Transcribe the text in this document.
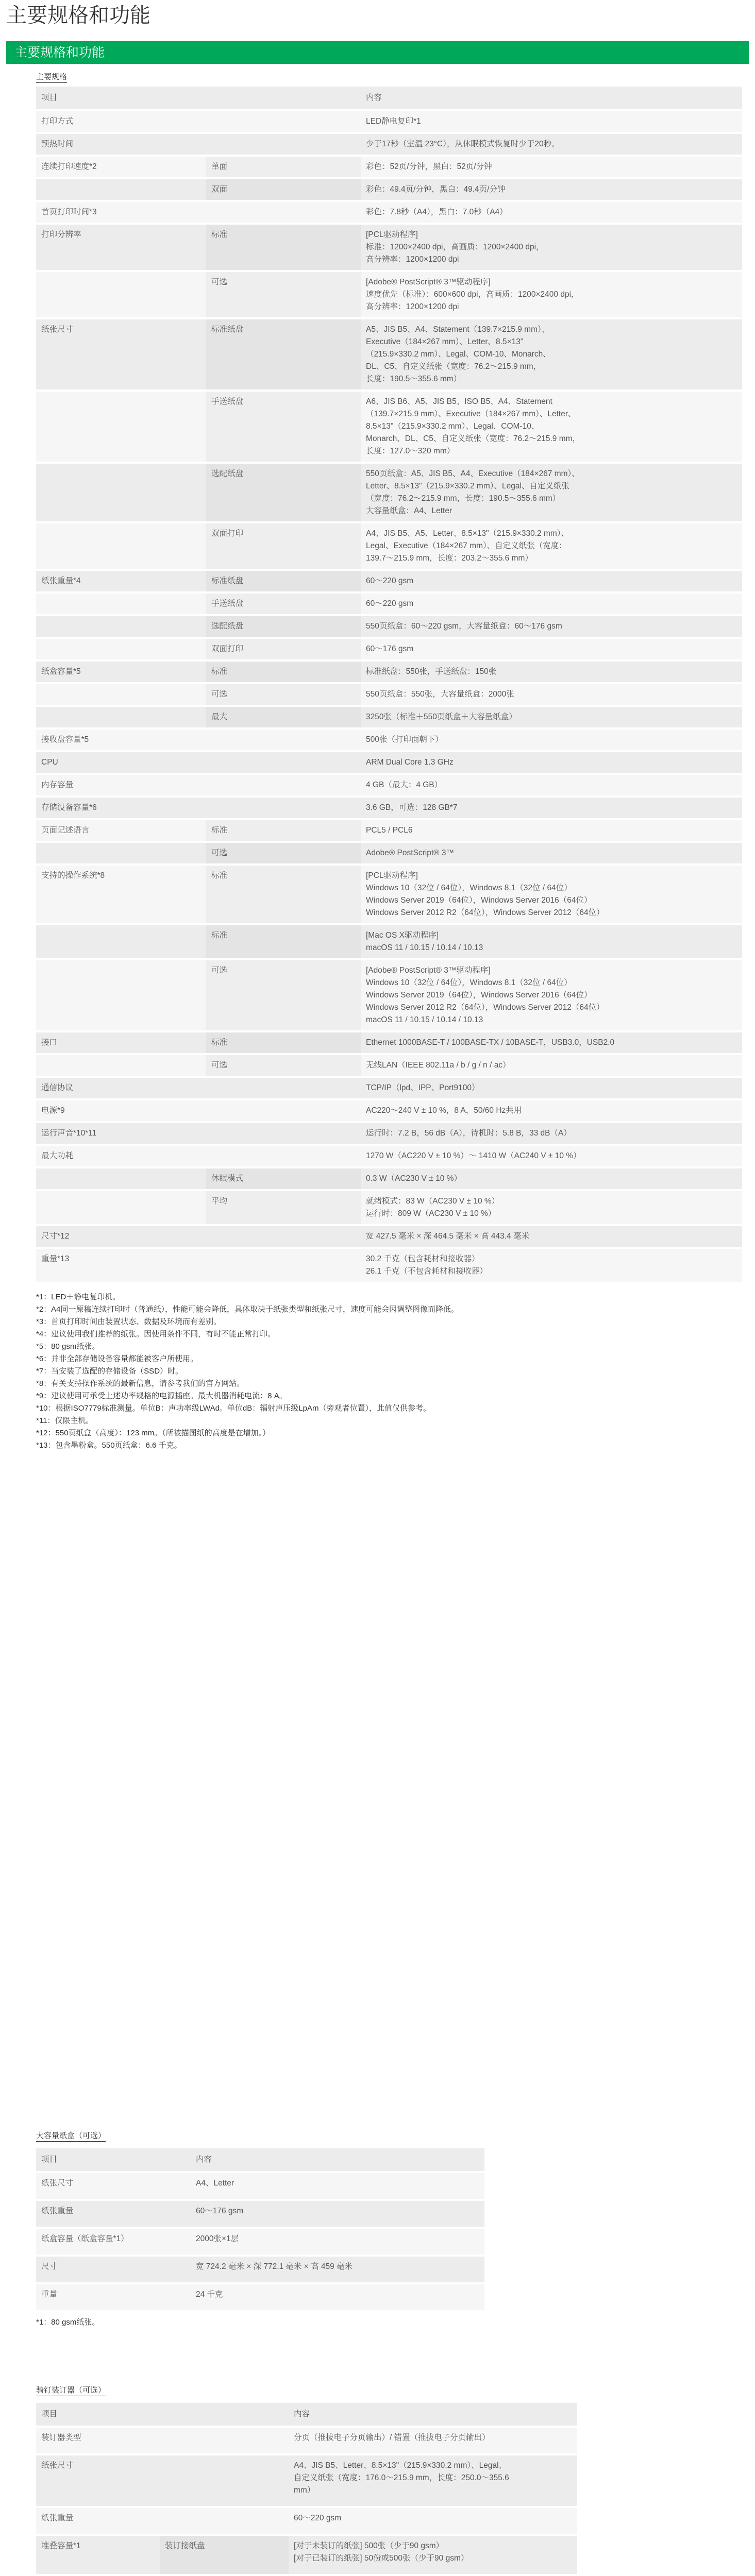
主要规格和功能
主要规格和功能
主要规格
项目	内容
打印方式	LED静电复印*1
预热时间	少于17秒（室温 23°C），从休眠模式恢复时少于20秒。
连续打印速度*2	单面	彩色：52页/分钟，黑白：52页/分钟
双面	彩色：49.4页/分钟，黑白：49.4页/分钟
首页打印时间*3	彩色：7.8秒（A4），黑白：7.0秒（A4）
打印分辨率	标准	[PCL驱动程序]
标准：1200×2400 dpi，高画质：1200×2400 dpi，
高分辨率：1200×1200 dpi
可选	[Adobe® PostScript® 3™驱动程序]
速度优先（标准）：600×600 dpi，高画质：1200×2400 dpi，
高分辨率：1200×1200 dpi
纸张尺寸	标准纸盘	A5、JIS B5、A4、Statement（139.7×215.9 mm）、
Executive（184×267 mm）、Letter、8.5×13"
（215.9×330.2 mm）、Legal、COM-10、Monarch、
DL、C5、自定义纸张（宽度：76.2～215.9 mm，
长度：190.5～355.6 mm）
手送纸盘	A6、JIS B6、A5、JIS B5、ISO B5、A4、Statement
（139.7×215.9 mm）、Executive（184×267 mm）、Letter、
8.5×13"（215.9×330.2 mm）、Legal、COM-10、
Monarch、DL、C5、自定义纸张（宽度：76.2～215.9 mm，
长度：127.0～320 mm）
选配纸盘	550页纸盒：A5、JIS B5、A4、Executive（184×267 mm）、
Letter、8.5×13"（215.9×330.2 mm）、Legal、自定义纸张
（宽度：76.2～215.9 mm，长度：190.5～355.6 mm）
大容量纸盒：A4、Letter
双面打印	A4、JIS B5、A5、Letter、8.5×13"（215.9×330.2 mm）、
Legal、Executive（184×267 mm）、自定义纸张（宽度：
139.7～215.9 mm，长度：203.2～355.6 mm）
纸张重量*4	标准纸盘	60～220 gsm
手送纸盘	60～220 gsm
选配纸盘	550页纸盒：60～220 gsm，大容量纸盒：60～176 gsm
双面打印	60～176 gsm
纸盒容量*5	标准	标准纸盘：550张，手送纸盘：150张
可选	550页纸盒：550张，大容量纸盒：2000张
最大	3250张（标准＋550页纸盒＋大容量纸盒）
接收盘容量*5	500张（打印面朝下）
CPU	ARM Dual Core 1.3 GHz
内存容量	4 GB（最大：4 GB）
存储设备容量*6	3.6 GB，可选：128 GB*7
页面记述语言	标准	PCL5 / PCL6
可选	Adobe® PostScript® 3™
支持的操作系统*8	标准	[PCL驱动程序]
Windows 10（32位 / 64位），Windows 8.1（32位 / 64位）
Windows Server 2019（64位），Windows Server 2016（64位）
Windows Server 2012 R2（64位），Windows Server 2012（64位）
标准	[Mac OS X驱动程序]
macOS 11 / 10.15 / 10.14 / 10.13
可选	[Adobe® PostScript® 3™驱动程序]
Windows 10（32位 / 64位），Windows 8.1（32位 / 64位）
Windows Server 2019（64位），Windows Server 2016（64位）
Windows Server 2012 R2（64位），Windows Server 2012（64位）
macOS 11 / 10.15 / 10.14 / 10.13
接口	标准	Ethernet 1000BASE-T / 100BASE-TX / 10BASE-T，USB3.0，USB2.0
可选	无线LAN（IEEE 802.11a / b / g / n / ac）
通信协议	TCP/IP（lpd、IPP、Port9100）
电源*9	AC220～240 V ± 10 %，8 A，50/60 Hz共用
运行声音*10*11	运行时：7.2 B，56 dB（A），待机时：5.8 B，33 dB（A）
最大功耗	1270 W（AC220 V ± 10 %）～ 1410 W（AC240 V ± 10 %）
休眠模式	0.3 W（AC230 V ± 10 %）
平均	就绪模式：83 W（AC230 V ± 10 %）
运行时：809 W（AC230 V ± 10 %）
尺寸*12	宽 427.5 毫米 × 深 464.5 毫米 × 高 443.4 毫米
重量*13	30.2 千克（包含耗材和接收器）
26.1 千克（不包含耗材和接收器）
*1：LED＋静电复印机。
*2：A4同一原稿连续打印时（普通纸），性能可能会降低，具体取决于纸张类型和纸张尺寸，速度可能会因调整图像而降低。
*3：首页打印时间由装置状态、数据及环境而有差别。
*4：建议使用我们推荐的纸张。因使用条件不同，有时不能正常打印。
*5：80 gsm纸张。
*6：并非全部存储设备容量都能被客户所使用。
*7：当安装了选配的存储设备（SSD）时。
*8：有关支持操作系统的最新信息，请参考我们的官方网站。
*9：建议使用可承受上述功率规格的电源插座。最大机器消耗电流：8 A。
*10：根据ISO7779标准测量。单位B：声功率级LWAd。单位dB：辐射声压级LpAm（旁观者位置），此值仅供参考。
*11：仅限主机。
*12：550页纸盒（高度）：123 mm。（所被描图纸的高度是在增加。）
*13：包含墨粉盒。550页纸盒：6.6 千克。
大容量纸盒（可选）
项目	内容
纸张尺寸	A4、Letter
纸张重量	60～176 gsm
纸盒容量（纸盒容量*1）	2000张×1层
尺寸	宽 724.2 毫米 × 深 772.1 毫米 × 高 459 毫米
重量	24 千克
*1：80 gsm纸张。
骑钉装订器（可选）
项目	内容
装订器类型	分页（推拔电子分页输出）/ 错置（推拔电子分页输出）
纸张尺寸	A4、JIS B5、Letter、8.5×13"（215.9×330.2 mm）、Legal、
自定义纸张（宽度：176.0～215.9 mm，长度：250.0～355.6
mm）
纸张重量	60～220 gsm
堆叠容量*1	装订接纸盘	[对于未装订的纸张] 500张（少于90 gsm）
[对于已装订的纸张] 50份或500张（少于90 gsm）
